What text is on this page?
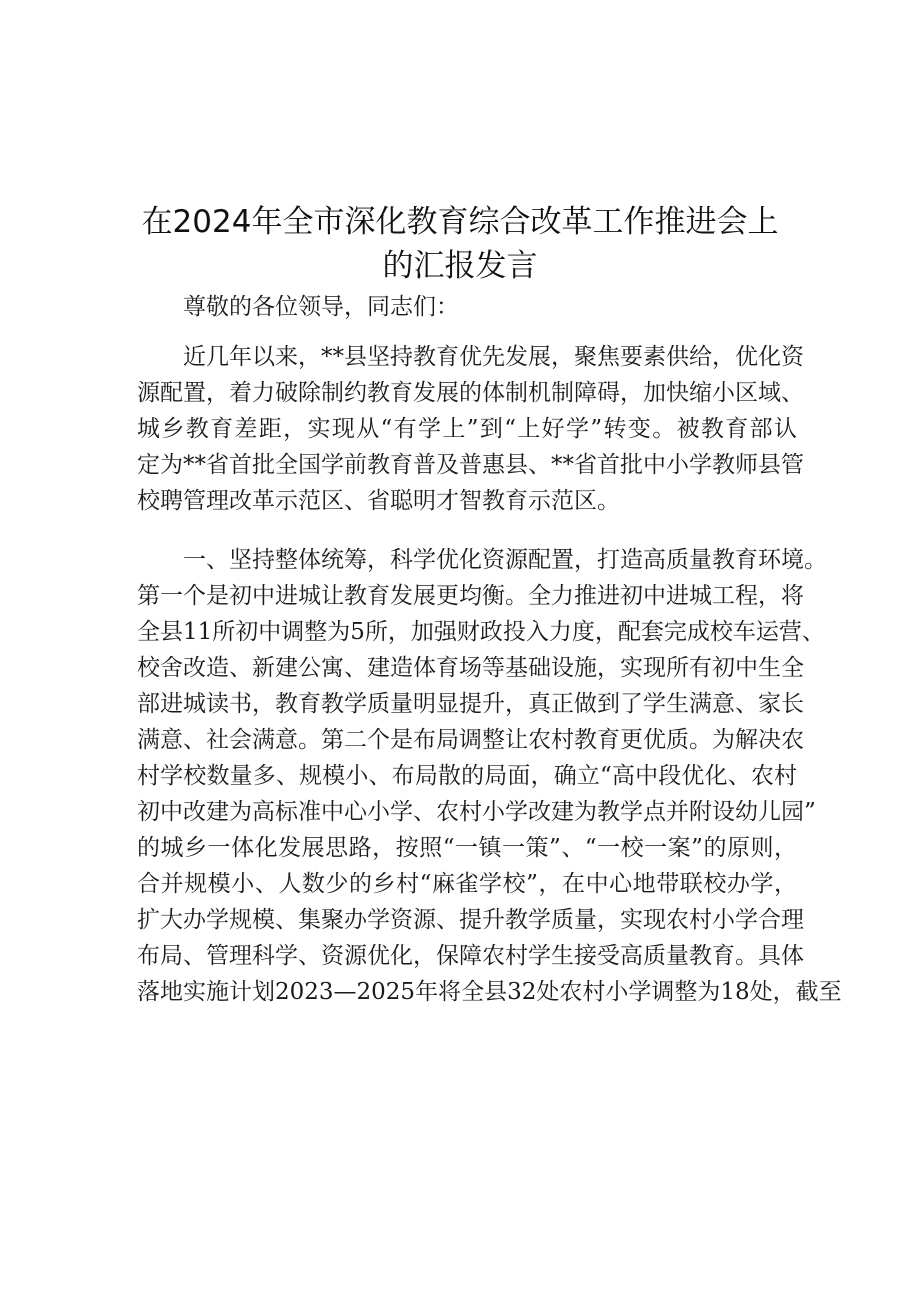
在2024年全市深化教育综合改革工作推进会上
的汇报发言
尊敬的各位领导，同志们：
近几年以来，**县坚持教育优先发展，聚焦要素供给，优化资
源配置，着力破除制约教育发展的体制机制障碍，加快缩小区域、
城乡教育差距，实现从“有学上”到“上好学”转变。被教育部认
定为**省首批全国学前教育普及普惠县、**省首批中小学教师县管
校聘管理改革示范区、省聪明才智教育示范区。
一、坚持整体统筹，科学优化资源配置，打造高质量教育环境。
第一个是初中进城让教育发展更均衡。全力推进初中进城工程，将
全县11所初中调整为5所，加强财政投入力度，配套完成校车运营、
校舍改造、新建公寓、建造体育场等基础设施，实现所有初中生全
部进城读书，教育教学质量明显提升，真正做到了学生满意、家长
满意、社会满意。第二个是布局调整让农村教育更优质。为解决农
村学校数量多、规模小、布局散的局面，确立“高中段优化、农村
初中改建为高标准中心小学、农村小学改建为教学点并附设幼儿园”
的城乡一体化发展思路，按照“一镇一策”、“一校一案”的原则，
合并规模小、人数少的乡村“麻雀学校”，在中心地带联校办学，
扩大办学规模、集聚办学资源、提升教学质量，实现农村小学合理
布局、管理科学、资源优化，保障农村学生接受高质量教育。具体
落地实施计划2023—2025年将全县32处农村小学调整为18处，截至
